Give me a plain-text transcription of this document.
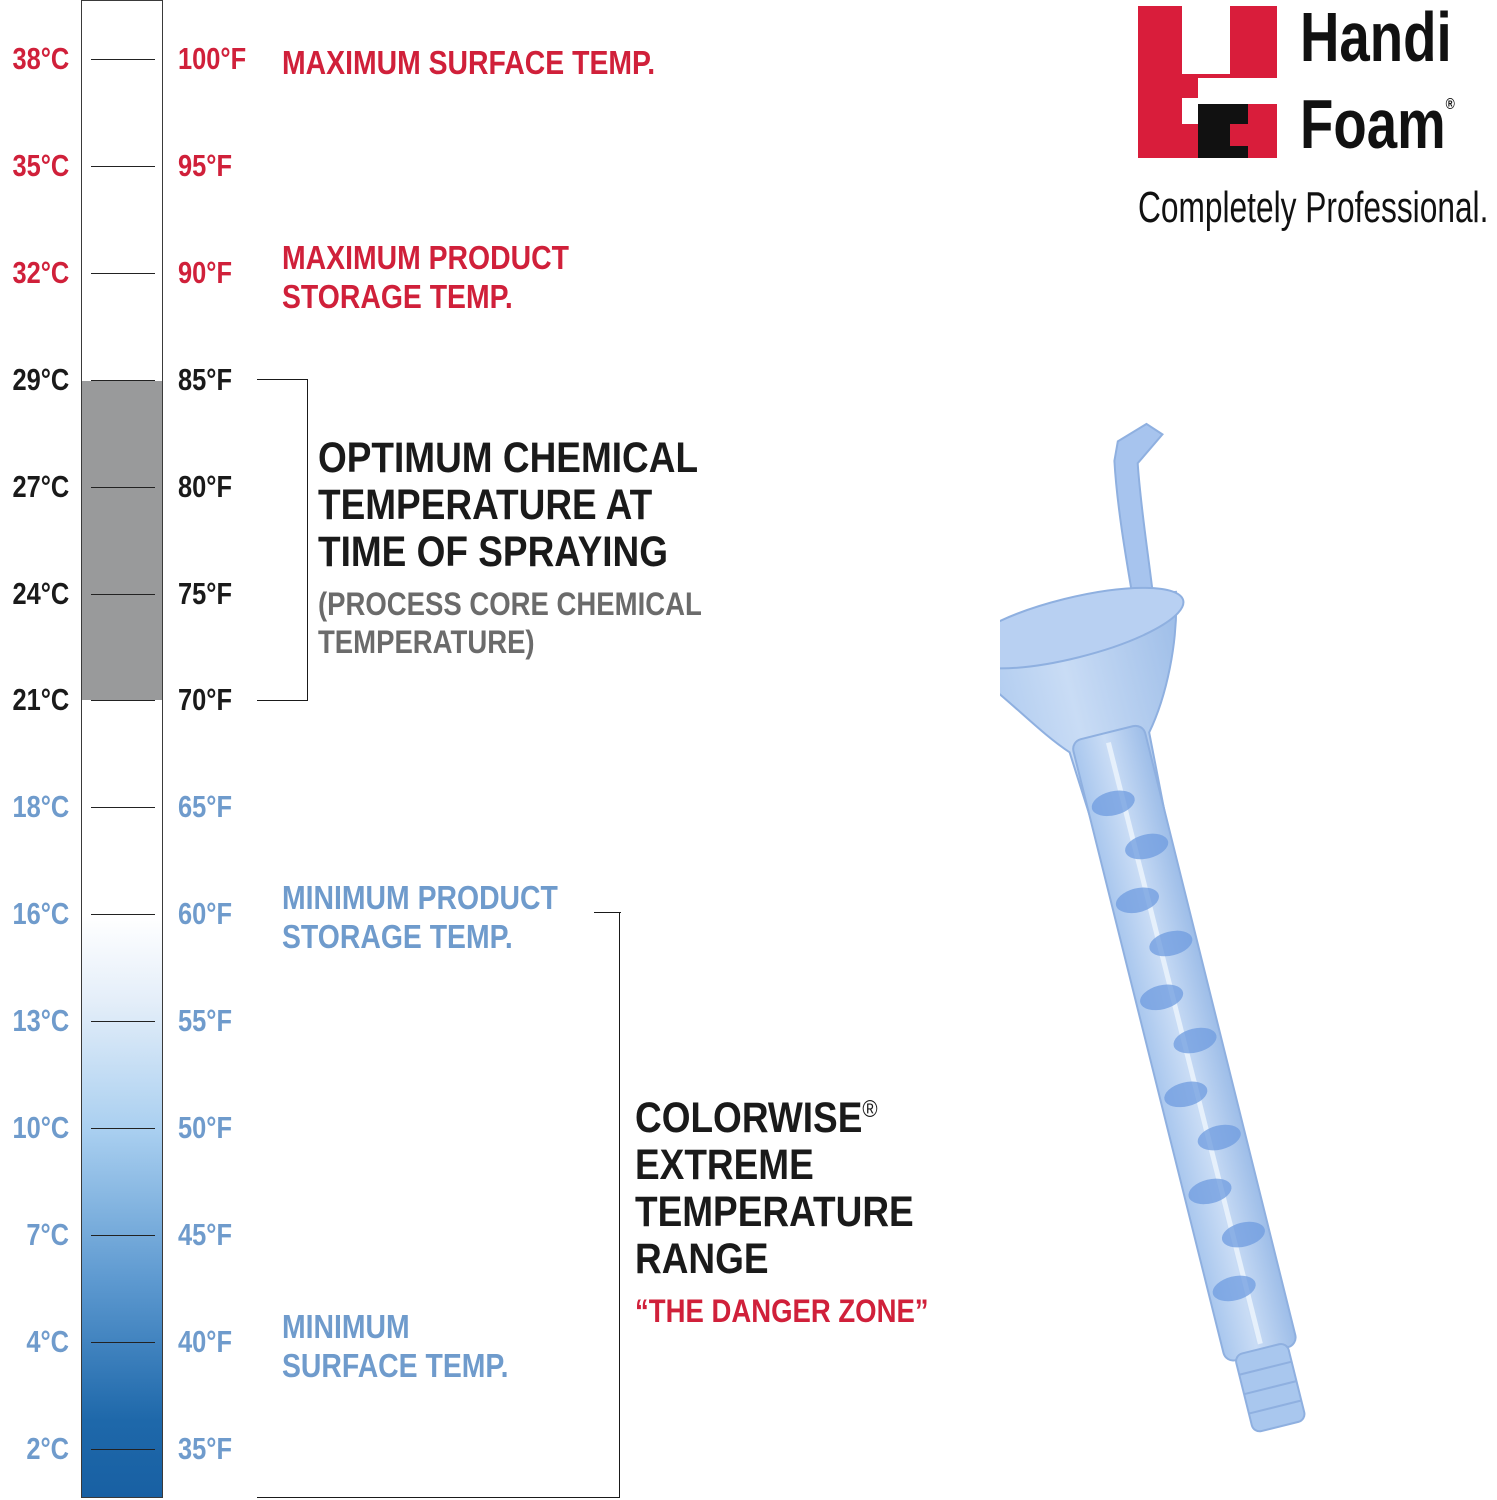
38°C	100°F
35°C	95°F
32°C	90°F
29°C	85°F
27°C	80°F
24°C	75°F
21°C	70°F
18°C	65°F
16°C	60°F
13°C	55°F
10°C	50°F
7°C	45°F
4°C	40°F
2°C	35°F
MAXIMUM SURFACE TEMP.
MAXIMUM PRODUCT
STORAGE TEMP.
OPTIMUM CHEMICAL
TEMPERATURE AT
TIME OF SPRAYING
(PROCESS CORE CHEMICAL
TEMPERATURE)
MINIMUM PRODUCT
STORAGE TEMP.
MINIMUM
SURFACE TEMP.
COLORWISE®
EXTREME
TEMPERATURE
RANGE
“THE DANGER ZONE”
Handi
Foam®
Completely Professional.
